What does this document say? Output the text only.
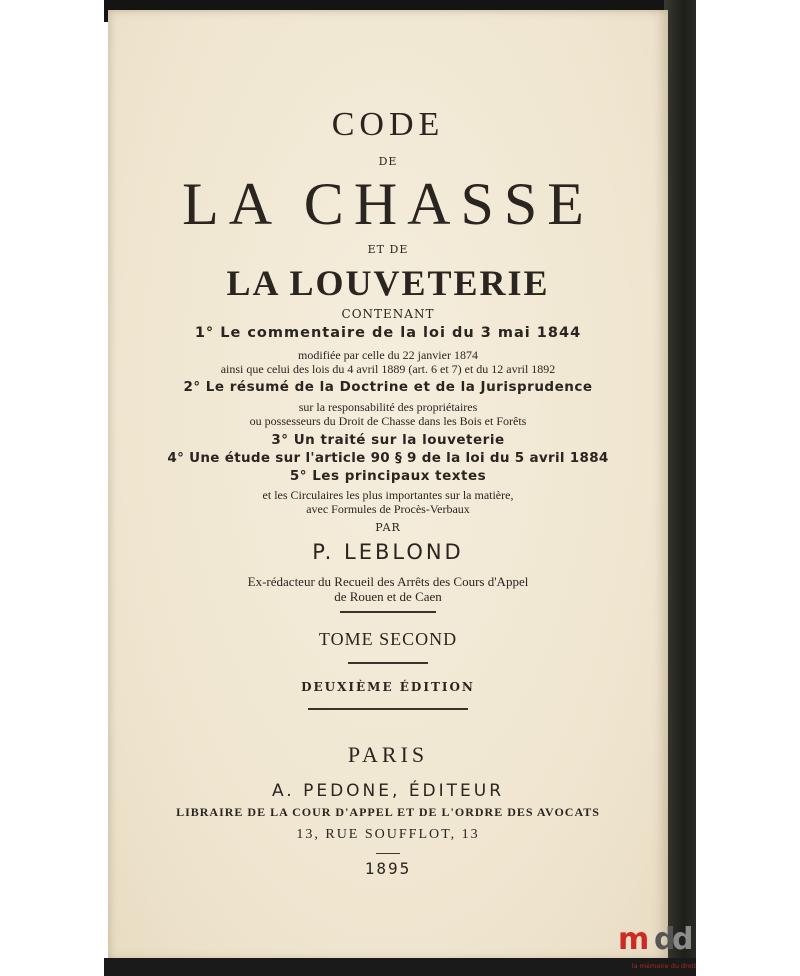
CODE
DE
LA CHASSE
ET DE
LA LOUVETERIE
CONTENANT
1° Le commentaire de la loi du 3 mai 1844
modifiée par celle du 22 janvier 1874
ainsi que celui des lois du 4 avril 1889 (art. 6 et 7) et du 12 avril 1892
2° Le résumé de la Doctrine et de la Jurisprudence
sur la responsabilité des propriétaires
ou possesseurs du Droit de Chasse dans les Bois et Forêts
3° Un traité sur la louveterie
4° Une étude sur l'article 90 § 9 de la loi du 5 avril 1884
5° Les principaux textes
et les Circulaires les plus importantes sur la matière,
avec Formules de Procès-Verbaux
PAR
P. LEBLOND
Ex-rédacteur du Recueil des Arrêts des Cours d'Appel
de Rouen et de Caen
TOME SECOND
DEUXIÈME ÉDITION
PARIS
A. PEDONE, ÉDITEUR
LIBRAIRE DE LA COUR D'APPEL ET DE L'ORDRE DES AVOCATS
13, RUE SOUFFLOT, 13
1895
m d
d
la mémoire du droit
